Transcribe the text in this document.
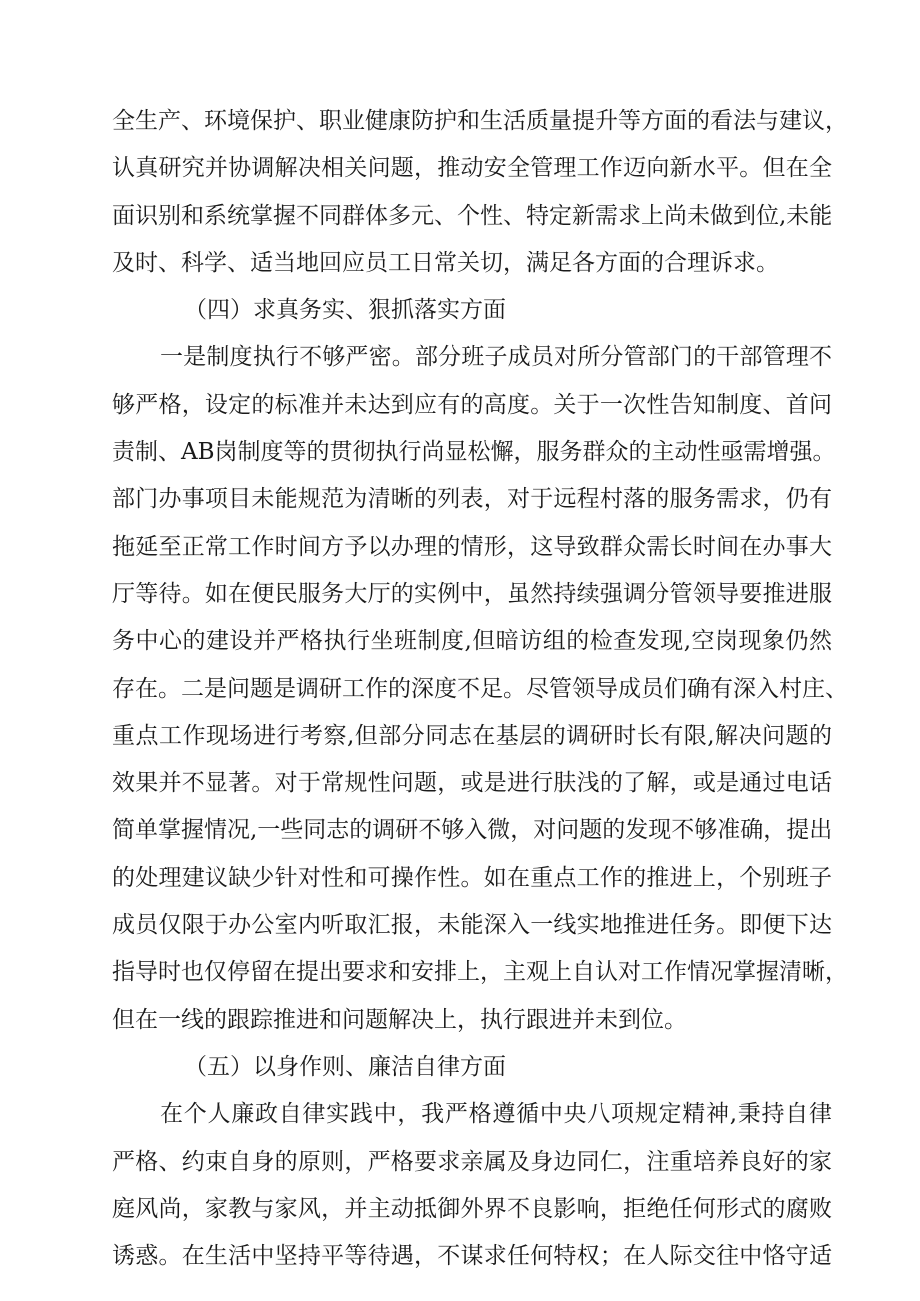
全生产、环境保护、职业健康防护和生活质量提升等方面的看法与建议，
认真研究并协调解决相关问题，推动安全管理工作迈向新水平。但在全
面识别和系统掌握不同群体多元、个性、特定新需求上尚未做到位,未能
及时、科学、适当地回应员工日常关切，满足各方面的合理诉求。
（四）求真务实、狠抓落实方面
一是制度执行不够严密。部分班子成员对所分管部门的干部管理不
够严格，设定的标准并未达到应有的高度。关于一次性告知制度、首问
责制、AB岗制度等的贯彻执行尚显松懈，服务群众的主动性亟需增强。
部门办事项目未能规范为清晰的列表，对于远程村落的服务需求，仍有
拖延至正常工作时间方予以办理的情形，这导致群众需长时间在办事大
厅等待。如在便民服务大厅的实例中，虽然持续强调分管领导要推进服
务中心的建设并严格执行坐班制度,但暗访组的检查发现,空岗现象仍然
存在。二是问题是调研工作的深度不足。尽管领导成员们确有深入村庄、
重点工作现场进行考察,但部分同志在基层的调研时长有限,解决问题的
效果并不显著。对于常规性问题，或是进行肤浅的了解，或是通过电话
简单掌握情况,一些同志的调研不够入微，对问题的发现不够准确，提出
的处理建议缺少针对性和可操作性。如在重点工作的推进上，个别班子
成员仅限于办公室内听取汇报，未能深入一线实地推进任务。即便下达
指导时也仅停留在提出要求和安排上，主观上自认对工作情况掌握清晰，
但在一线的跟踪推进和问题解决上，执行跟进并未到位。
（五）以身作则、廉洁自律方面
在个人廉政自律实践中，我严格遵循中央八项规定精神,秉持自律
严格、约束自身的原则，严格要求亲属及身边同仁，注重培养良好的家
庭风尚，家教与家风，并主动抵御外界不良影响，拒绝任何形式的腐败
诱惑。在生活中坚持平等待遇，不谋求任何特权；在人际交往中恪守适
